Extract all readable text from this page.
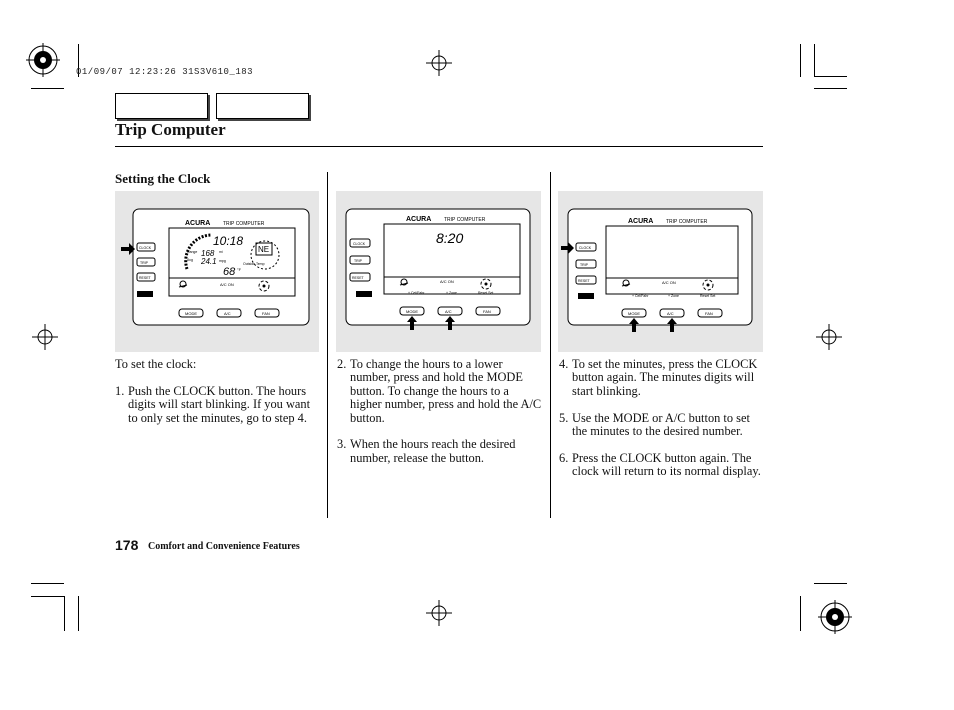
01/09/07 12:23:26 31S3V610_183
Trip Computer
Setting the Clock
ACURA	TRIP COMPUTER
10:18
Range 168 mi
Avg 24.1 mpg
Outside Temp
68 °F
NE
A/C ON
CLOCK
TRIP
RESET
MODE	A/C	FAN
ACURA	TRIP COMPUTER
8:20
A/C ON
+ Cel/Fahr	+ Zone	Reset Set
CLOCK
TRIP
RESET
MODE	A/C	FAN
ACURA	TRIP COMPUTER
A/C ON
+ Cel/Fahr	+ Zone	Reset Set
CLOCK
TRIP
RESET
MODE	A/C	FAN

To set the clock:

1. Push the CLOCK button. The hours digits will start blinking. If you want to only set the minutes, go to step 4.
2. To change the hours to a lower number, press and hold the MODE button. To change the hours to a higher number, press and hold the A/C button.

3. When the hours reach the desired number, release the button.
4. To set the minutes, press the CLOCK button again. The minutes digits will start blinking.

5. Use the MODE or A/C button to set the minutes to the desired number.

6. Press the CLOCK button again. The clock will return to its normal display.
178 Comfort and Convenience Features
